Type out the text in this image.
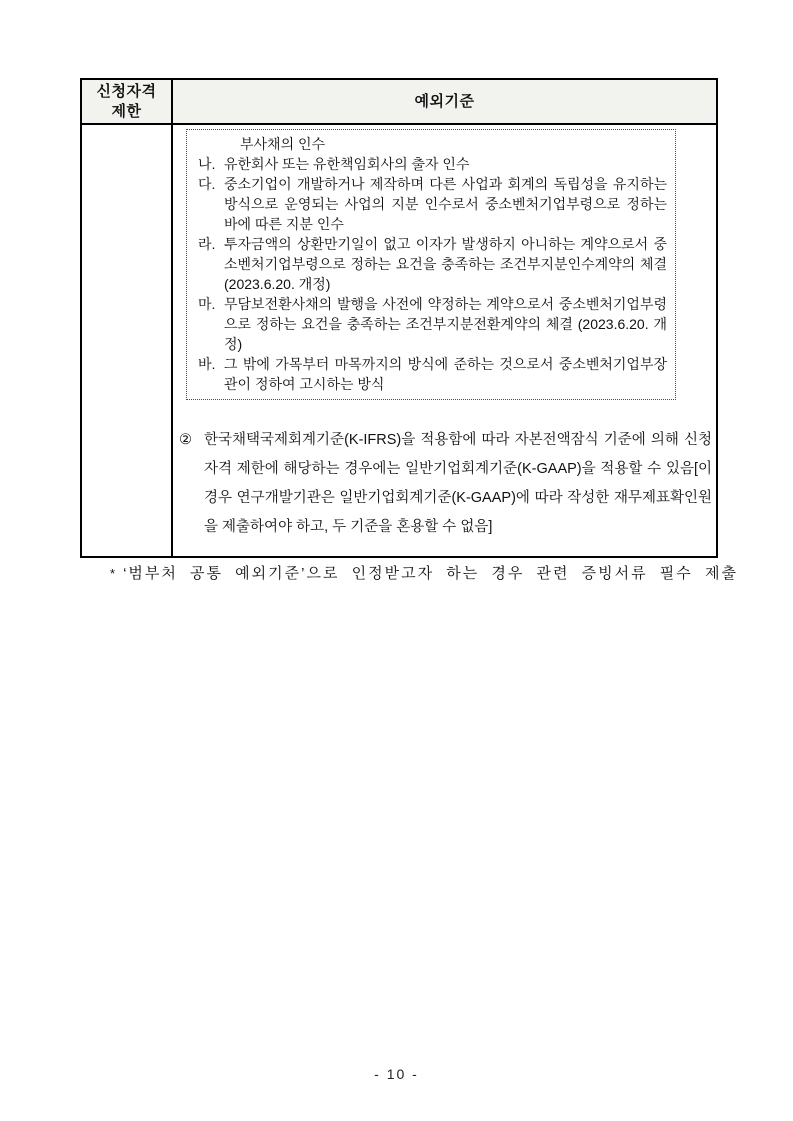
신청자격
제한
예외기준
부사채의 인수
나. 유한회사 또는 유한책임회사의 출자 인수
다. 중소기업이 개발하거나 제작하며 다른 사업과 회계의 독립성을 유지하는 방식으로 운영되는 사업의 지분 인수로서 중소벤처기업부령으로 정하는 바에 따른 지분 인수
라. 투자금액의 상환만기일이 없고 이자가 발생하지 아니하는 계약으로서 중소벤처기업부령으로 정하는 요건을 충족하는 조건부지분인수계약의 체결 (2023.6.20. 개정)
마. 무담보전환사채의 발행을 사전에 약정하는 계약으로서 중소벤처기업부령으로 정하는 요건을 충족하는 조건부지분전환계약의 체결 (2023.6.20. 개정)
바. 그 밖에 가목부터 마목까지의 방식에 준하는 것으로서 중소벤처기업부장관이 정하여 고시하는 방식
② 한국채택국제회계기준(K-IFRS)을 적용함에 따라 자본전액잠식 기준에 의해 신청자격 제한에 해당하는 경우에는 일반기업회계기준(K-GAAP)을 적용할 수 있음[이 경우 연구개발기관은 일반기업회계기준(K-GAAP)에 따라 작성한 재무제표확인원을 제출하여야 하고, 두 기준을 혼용할 수 없음]
* ‘범부처 공통 예외기준’으로 인정받고자 하는 경우 관련 증빙서류 필수 제출
- 10 -
